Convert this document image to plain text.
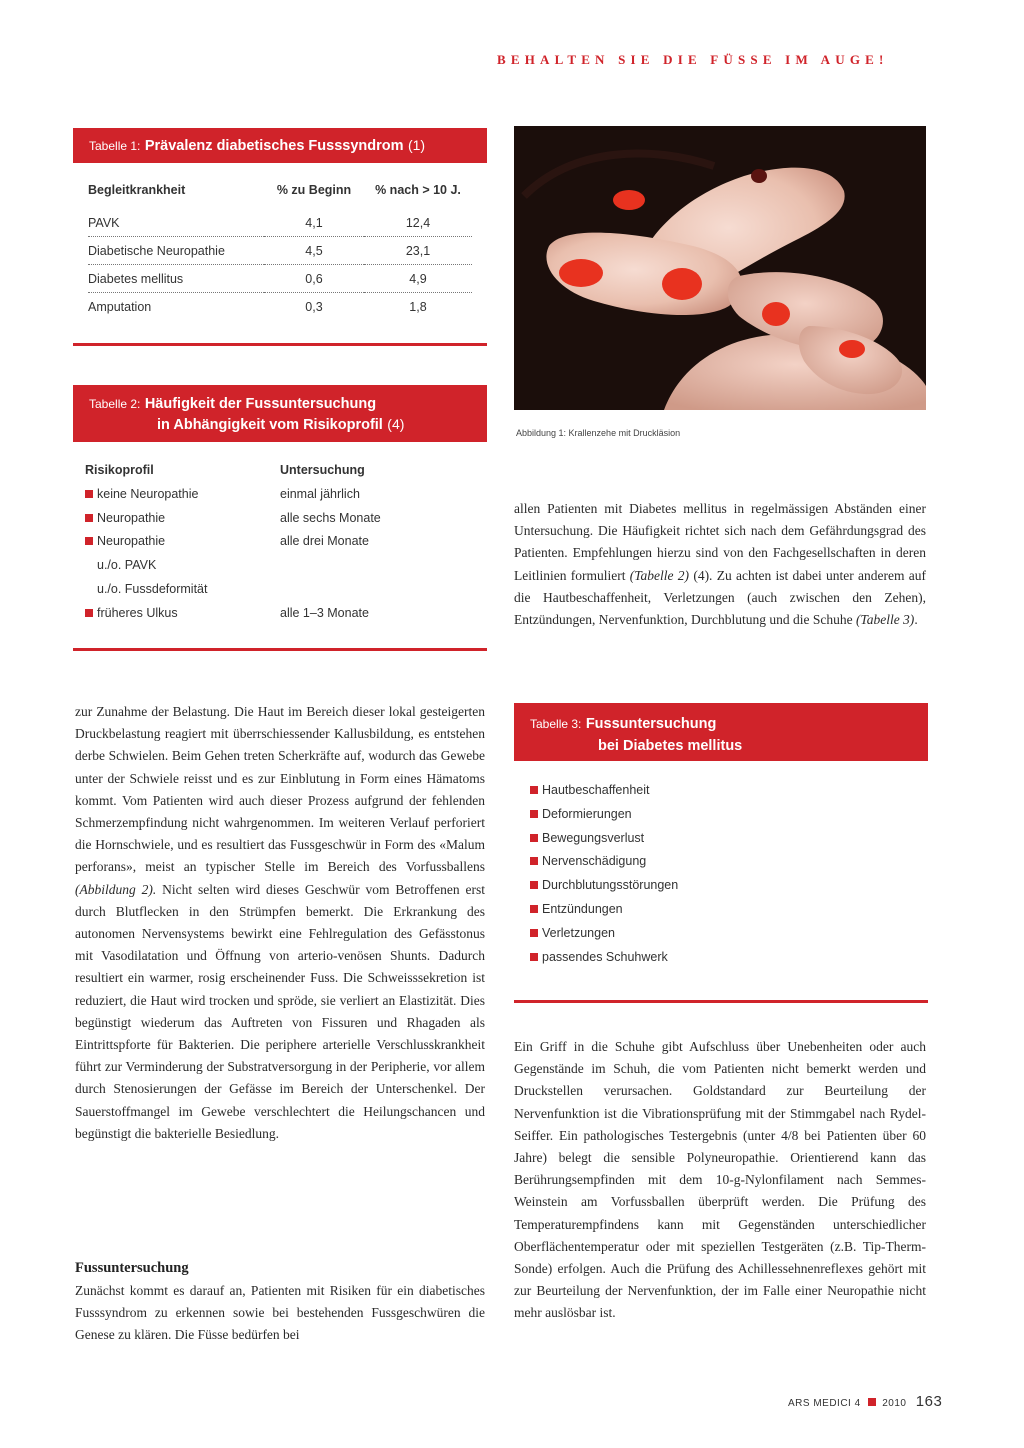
BEHALTEN SIE DIE FÜSSE IM AUGE!
Tabelle 1: Prävalenz diabetisches Fusssyndrom (1)
Begleitkrankheit	% zu Beginn	% nach > 10 J.

PAVK	4,1	12,4
Diabetische Neuropathie	4,5	23,1
Diabetes mellitus	0,6	4,9
Amputation	0,3	1,8
Tabelle 2: Häufigkeit der Fussuntersuchung
in Abhängigkeit vom Risikoprofil (4)
Risikoprofil	Untersuchung
keine Neuropathie	einmal jährlich
Neuropathie	alle sechs Monate
Neuropathie	alle drei Monate
u./o. PAVK
u./o. Fussdeformität
früheres Ulkus	alle 1–3 Monate
Abbildung 1: Krallenzehe mit Druckläsion
allen Patienten mit Diabetes mellitus in regelmässigen Abständen einer Untersuchung. Die Häufigkeit richtet sich nach dem Gefährdungsgrad des Patienten. Empfehlungen hierzu sind von den Fachgesellschaften in deren Leitlinien formuliert (Tabelle 2) (4). Zu achten ist dabei unter anderem auf die Hautbeschaffenheit, Verletzungen (auch zwischen den Zehen), Entzündungen, Nervenfunktion, Durchblutung und die Schuhe (Tabelle 3).
Tabelle 3: Fussuntersuchung
bei Diabetes mellitus
Hautbeschaffenheit
Deformierungen
Bewegungsverlust
Nervenschädigung
Durchblutungsstörungen
Entzündungen
Verletzungen
passendes Schuhwerk
zur Zunahme der Belastung. Die Haut im Bereich dieser lokal gesteigerten Druckbelastung reagiert mit überrschiessender Kallusbildung, es entstehen derbe Schwielen. Beim Gehen treten Scherkräfte auf, wodurch das Gewebe unter der Schwiele reisst und es zur Einblutung in Form eines Hämatoms kommt. Vom Patienten wird auch dieser Prozess aufgrund der fehlenden Schmerzempfindung nicht wahrgenommen. Im weiteren Verlauf perforiert die Hornschwiele, und es resultiert das Fussgeschwür in Form des «Malum perforans», meist an typischer Stelle im Bereich des Vorfussballens (Abbildung 2). Nicht selten wird dieses Geschwür vom Betroffenen erst durch Blutflecken in den Strümpfen bemerkt. Die Erkrankung des autonomen Nervensystems bewirkt eine Fehlregulation des Gefässtonus mit Vasodilatation und Öffnung von arterio-venösen Shunts. Dadurch resultiert ein warmer, rosig erscheinender Fuss. Die Schweisssekretion ist reduziert, die Haut wird trocken und spröde, sie verliert an Elastizität. Dies begünstigt wiederum das Auftreten von Fissuren und Rhagaden als Eintrittspforte für Bakterien. Die periphere arterielle Verschlusskrankheit führt zur Verminderung der Substratversorgung in der Peripherie, vor allem durch Stenosierungen der Gefässe im Bereich der Unterschenkel. Der Sauerstoffmangel im Gewebe verschlechtert die Heilungschancen und begünstigt die bakterielle Besiedlung.
Fussuntersuchung
Zunächst kommt es darauf an, Patienten mit Risiken für ein diabetisches Fusssyndrom zu erkennen sowie bei bestehenden Fussgeschwüren die Genese zu klären. Die Füsse bedürfen bei
Ein Griff in die Schuhe gibt Aufschluss über Unebenheiten oder auch Gegenstände im Schuh, die vom Patienten nicht bemerkt werden und Druckstellen verursachen. Goldstandard zur Beurteilung der Nervenfunktion ist die Vibrationsprüfung mit der Stimmgabel nach Rydel-Seiffer. Ein pathologisches Testergebnis (unter 4/8 bei Patienten über 60 Jahre) belegt die sensible Polyneuropathie. Orientierend kann das Berührungsempfinden mit dem 10-g-Nylonfilament nach Semmes-Weinstein am Vorfussballen überprüft werden. Die Prüfung des Temperaturempfindens kann mit Gegenständen unterschiedlicher Oberflächentemperatur oder mit speziellen Testgeräten (z.B. Tip-Therm-Sonde) erfolgen. Auch die Prüfung des Achillessehnenreflexes gehört mit zur Beurteilung der Nervenfunktion, der im Falle einer Neuropathie nicht mehr auslösbar ist.
ARS MEDICI 4 2010 163
